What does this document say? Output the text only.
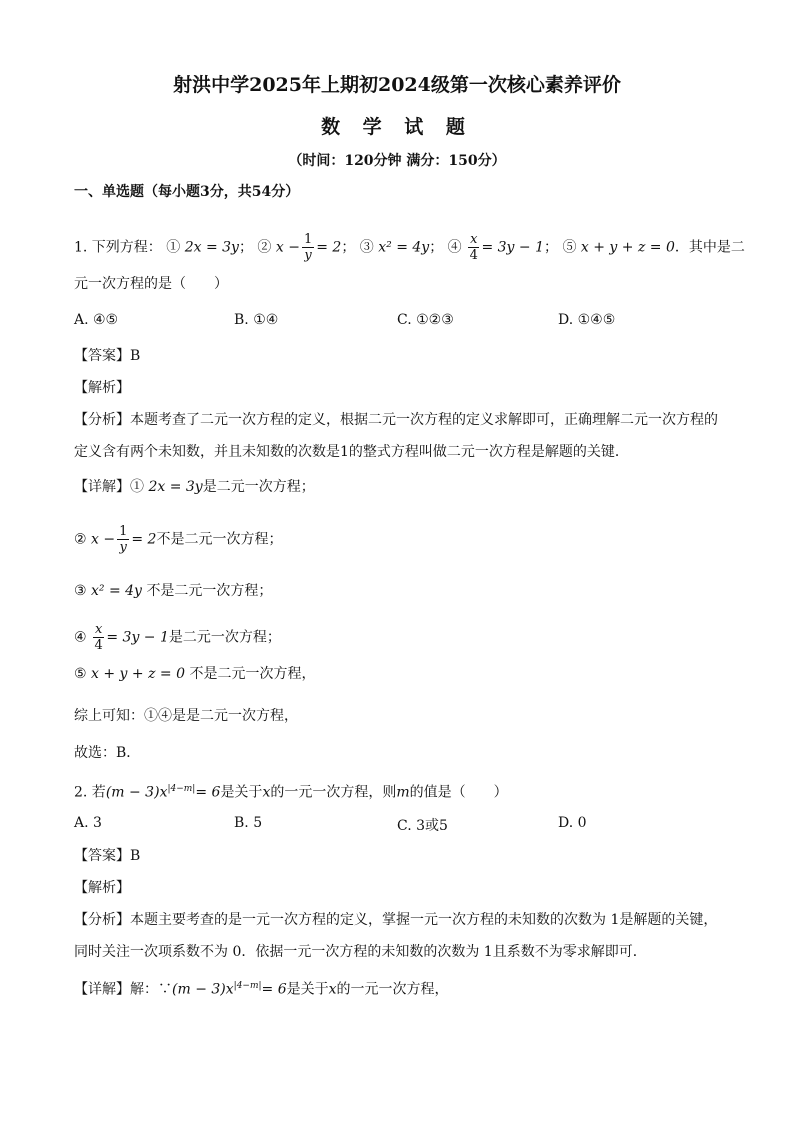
射洪中学2025年上期初2024级第一次核心素养评价
数 学 试 题
（时间：120分钟 满分：150分）
一、单选题（每小题3分，共54分）
1. 下列方程： ① 2x = 3y； ② $x - \frac{1}{y} = 2$； ③ x² = 4y； ④ $\frac{x}{4} = 3y - 1$； ⑤ x + y + z = 0．其中是二
元一次方程的是（　　）
A. ④⑤	B. ①④	C. ①②③	D. ①④⑤
【答案】B
【解析】
【分析】本题考查了二元一次方程的定义，根据二元一次方程的定义求解即可，正确理解二元一次方程的
定义含有两个未知数，并且未知数的次数是1的整式方程叫做二元一次方程是解题的关键．
【详解】① 2x = 3y是二元一次方程；
② $x - \frac{1}{y} = 2$不是二元一次方程；
③ x² = 4y 不是二元一次方程；
④ $\frac{x}{4} = 3y - 1$是二元一次方程；
⑤ x + y + z = 0 不是二元一次方程，
综上可知：①④是是二元一次方程，
故选：B．
2. 若$(m - 3)x^{|4-m|}= 6$是关于x的一元一次方程，则m的值是（　　）
A. 3	B. 5	C. 3或5	D. 0
【答案】B
【解析】
【分析】本题主要考查的是一元一次方程的定义，掌握一元一次方程的未知数的次数为 1是解题的关键，
同时关注一次项系数不为 0．依据一元一次方程的未知数的次数为 1且系数不为零求解即可．
【详解】解：∵(m − $3)x^{|4-m|}= 6$是关于x的一元一次方程，
